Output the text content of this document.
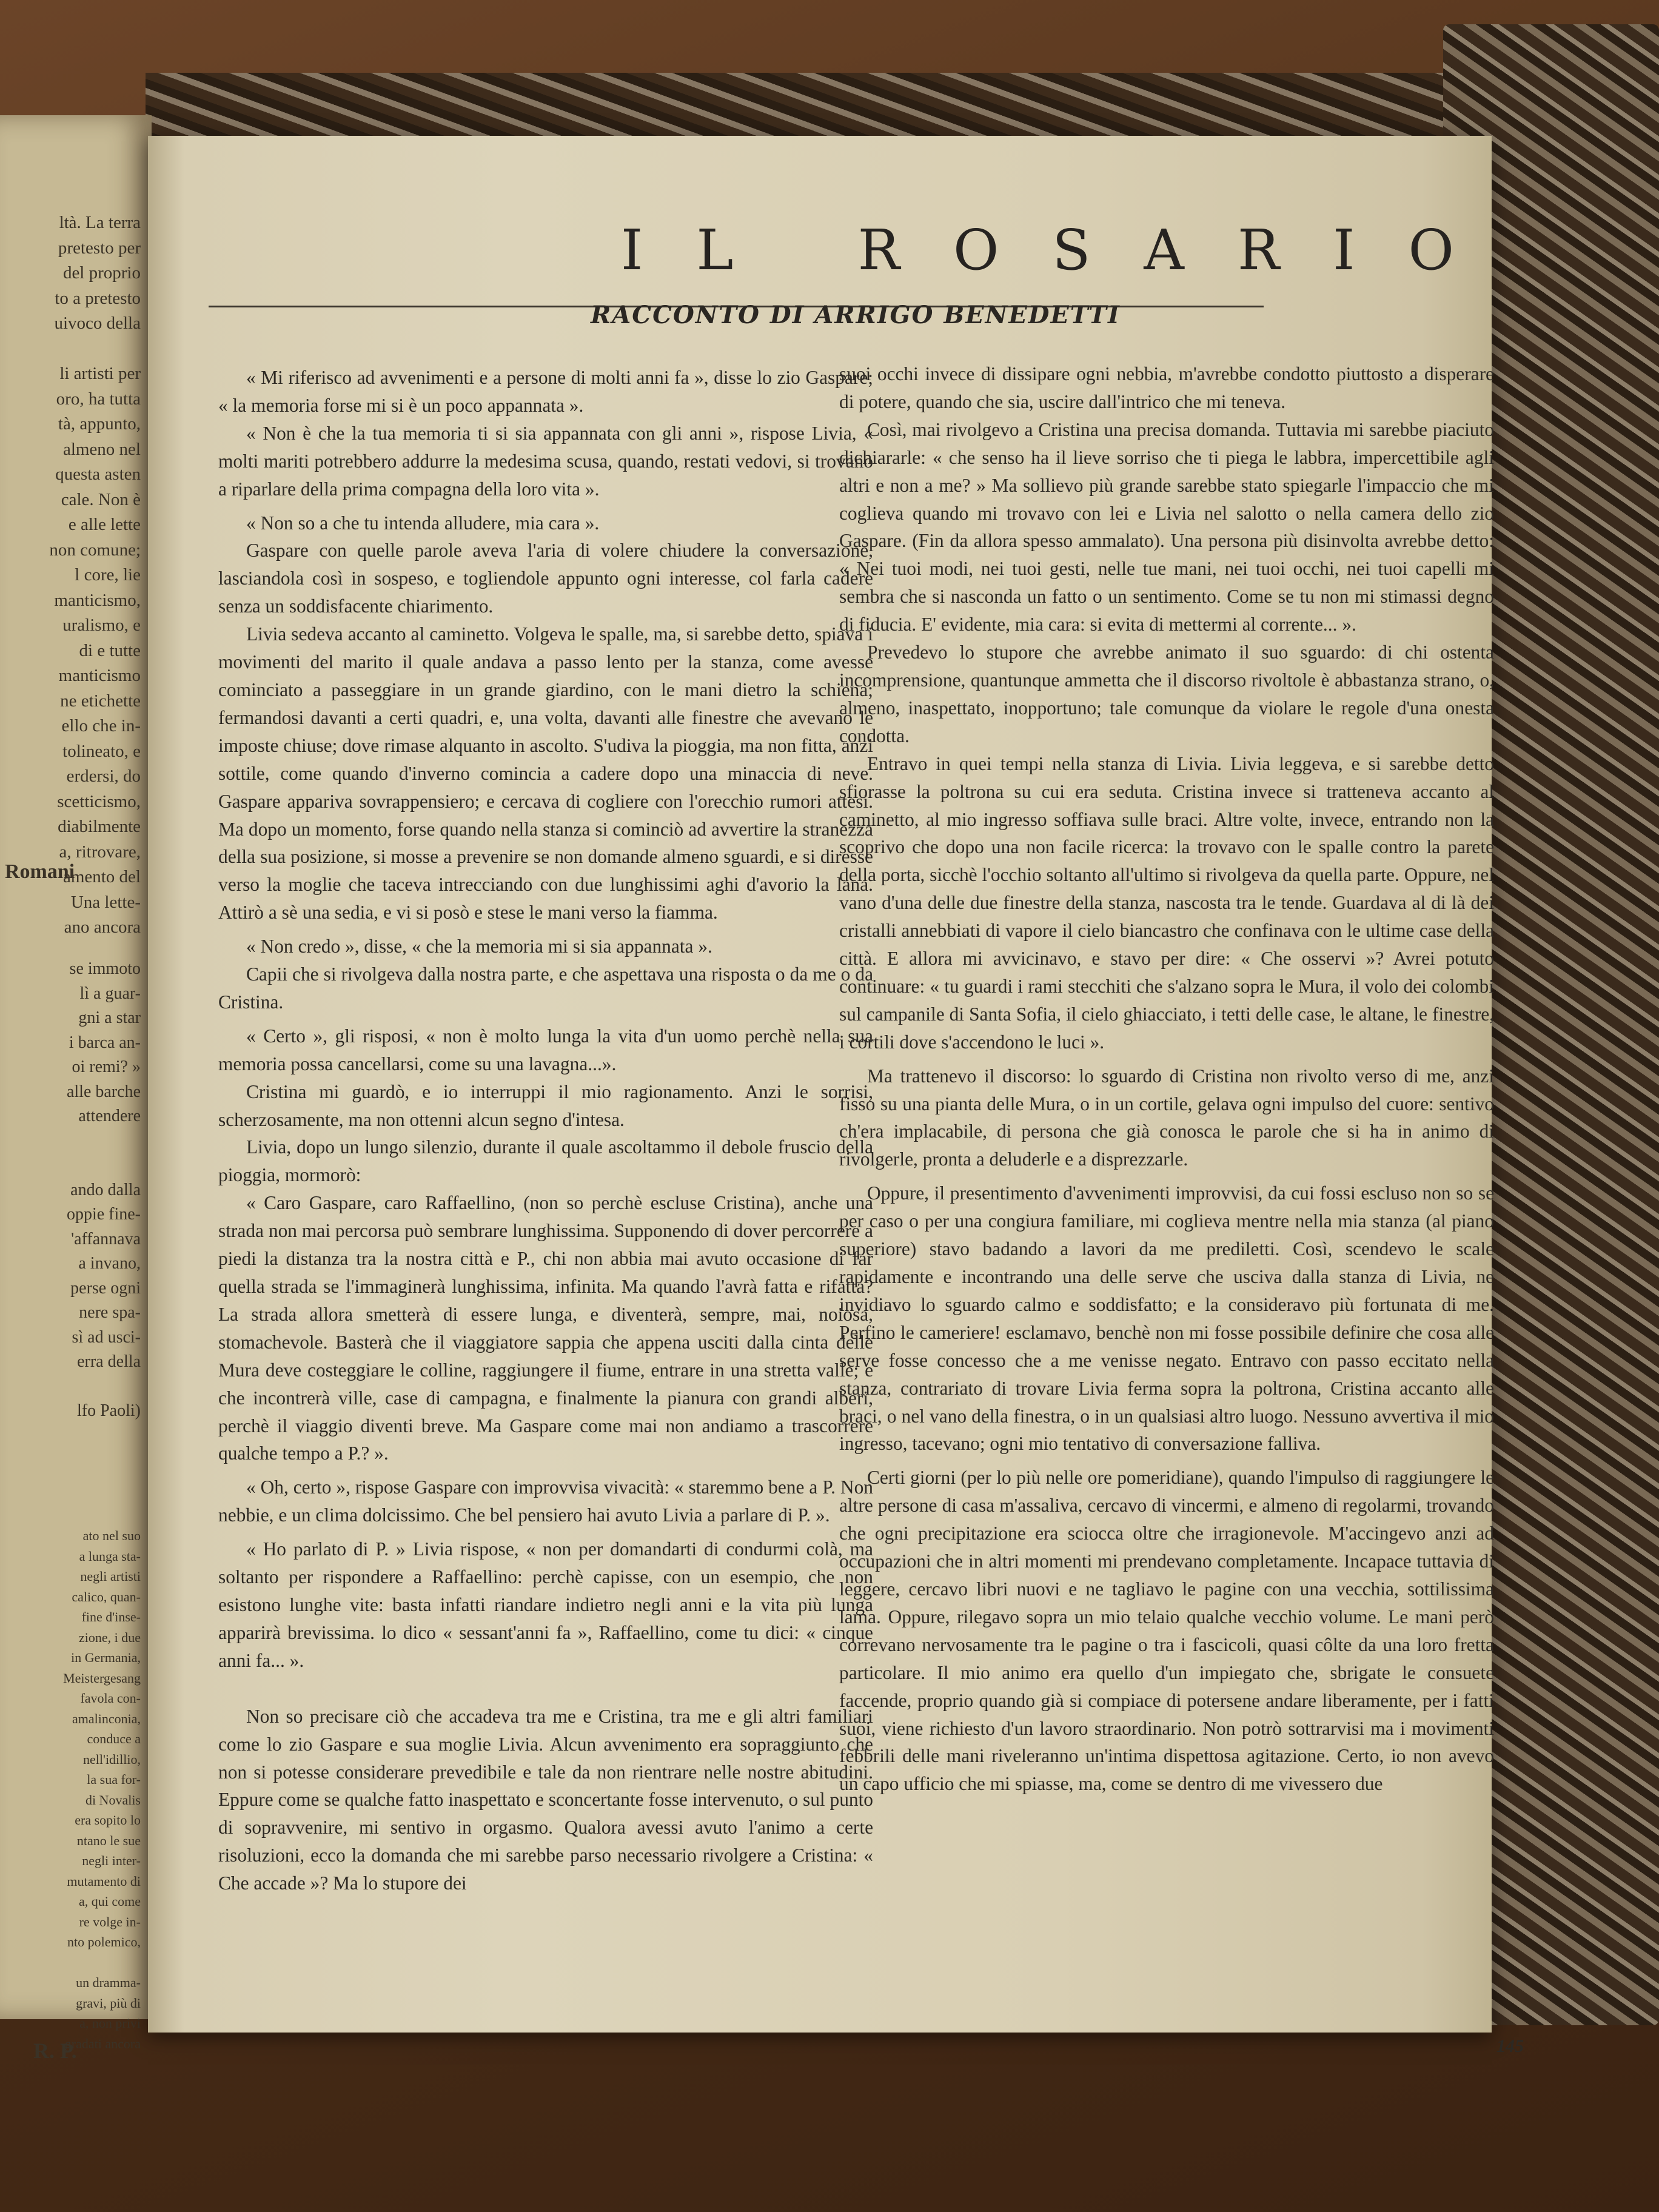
ltà. La terra
pretesto per
del proprio
to a pretesto
uivoco della
li artisti per
oro, ha tutta
tà, appunto,
almeno nel
questa asten
cale. Non è
e alle lette
non comune;
l core, lie
manticismo,
uralismo, e
di e tutte
manticismo
ne etichette
ello che in-
tolineato, e
erdersi, do
scetticismo,
diabilmente
a, ritrovare,
amento del
Una lette-
ano ancora
Romani
se immoto
lì a guar-
gni a star
i barca an-
oi remi? »
alle barche
attendere
ando dalla
oppie fine-
'affannava
a invano,
perse ogni
nere spa-
sì ad usci-
erra della
lfo Paoli)
ato nel suo
a lunga sta-
negli artisti
calico, quan-
fine d'inse-
zione, i due
in Germania,
Meistergesang
favola con-
amalinconia,
conduce a
nell'idillio,
la sua for-
di Novalis
era sopito lo
ntano le sue
negli inter-
mutamento di
a, qui come
re volge in-
nto polemico,
un dramma-
gravi, più di
a, non privi
gradati ancora
R. P.
IL ROSARIO
RACCONTO DI ARRIGO BENEDETTI

« Mi riferisco ad avvenimenti e a persone di molti anni fa », disse lo zio Gaspare; « la memoria forse mi si è un poco appannata ».

« Non è che la tua memoria ti si sia appannata con gli anni », rispose Livia, « molti mariti potrebbero addurre la medesima scusa, quando, restati vedovi, si trovano a riparlare della prima compagna della loro vita ».

« Non so a che tu intenda alludere, mia cara ».

Gaspare con quelle parole aveva l'aria di volere chiudere la conversazione, lasciandola così in sospeso, e togliendole appunto ogni interesse, col farla cadere senza un soddisfacente chiarimento.

Livia sedeva accanto al caminetto. Volgeva le spalle, ma, si sarebbe detto, spiava i movimenti del marito il quale andava a passo lento per la stanza, come avesse cominciato a passeggiare in un grande giardino, con le mani dietro la schiena; fermandosi davanti a certi quadri, e, una volta, davanti alle finestre che avevano le imposte chiuse; dove rimase alquanto in ascolto. S'udiva la pioggia, ma non fitta, anzi sottile, come quando d'inverno comincia a cadere dopo una minaccia di neve. Gaspare appariva sovrappensiero; e cercava di cogliere con l'orecchio rumori attesi. Ma dopo un momento, forse quando nella stanza si cominciò ad avvertire la stranezza della sua posizione, si mosse a prevenire se non domande almeno sguardi, e si diresse verso la moglie che taceva intrecciando con due lunghissimi aghi d'avorio la lana. Attirò a sè una sedia, e vi si posò e stese le mani verso la fiamma.

« Non credo », disse, « che la memoria mi si sia appannata ».

Capii che si rivolgeva dalla nostra parte, e che aspettava una risposta o da me o da Cristina.

« Certo », gli risposi, « non è molto lunga la vita d'un uomo perchè nella sua memoria possa cancellarsi, come su una lavagna...».

Cristina mi guardò, e io interruppi il mio ragionamento. Anzi le sorrisi, scherzosamente, ma non ottenni alcun segno d'intesa.

Livia, dopo un lungo silenzio, durante il quale ascoltammo il debole fruscio della pioggia, mormorò:

« Caro Gaspare, caro Raffaellino, (non so perchè escluse Cristina), anche una strada non mai percorsa può sembrare lunghissima. Supponendo di dover percorrere a piedi la distanza tra la nostra città e P., chi non abbia mai avuto occasione di far quella strada se l'immaginerà lunghissima, infinita. Ma quando l'avrà fatta e rifatta? La strada allora smetterà di essere lunga, e diventerà, sempre, mai, noiosa, stomachevole. Basterà che il viaggiatore sappia che appena usciti dalla cinta delle Mura deve costeggiare le colline, raggiungere il fiume, entrare in una stretta valle; e che incontrerà ville, case di campagna, e finalmente la pianura con grandi alberi, perchè il viaggio diventi breve. Ma Gaspare come mai non andiamo a trascorrere qualche tempo a P.? ».

« Oh, certo », rispose Gaspare con improvvisa vivacità: « staremmo bene a P. Non nebbie, e un clima dolcissimo. Che bel pensiero hai avuto Livia a parlare di P. ».

« Ho parlato di P. » Livia rispose, « non per domandarti di condurmi colà, ma soltanto per rispondere a Raffaellino: perchè capisse, con un esempio, che non esistono lunghe vite: basta infatti riandare indietro negli anni e la vita più lunga apparirà brevissima. lo dico « sessant'anni fa », Raffaellino, come tu dici: « cinque anni fa... ».

Non so precisare ciò che accadeva tra me e Cristina, tra me e gli altri familiari come lo zio Gaspare e sua moglie Livia. Alcun avvenimento era sopraggiunto che non si potesse considerare prevedibile e tale da non rientrare nelle nostre abitudini. Eppure come se qualche fatto inaspettato e sconcertante fosse intervenuto, o sul punto di sopravvenire, mi sentivo in orgasmo. Qualora avessi avuto l'animo a certe risoluzioni, ecco la domanda che mi sarebbe parso necessario rivolgere a Cristina: « Che accade »? Ma lo stupore dei

suoi occhi invece di dissipare ogni nebbia, m'avrebbe condotto piuttosto a disperare di potere, quando che sia, uscire dall'intrico che mi teneva.

Così, mai rivolgevo a Cristina una precisa domanda. Tuttavia mi sarebbe piaciuto dichiararle: « che senso ha il lieve sorriso che ti piega le labbra, impercettibile agli altri e non a me? » Ma sollievo più grande sarebbe stato spiegarle l'impaccio che mi coglieva quando mi trovavo con lei e Livia nel salotto o nella camera dello zio Gaspare. (Fin da allora spesso ammalato). Una persona più disinvolta avrebbe detto: « Nei tuoi modi, nei tuoi gesti, nelle tue mani, nei tuoi occhi, nei tuoi capelli mi sembra che si nasconda un fatto o un sentimento. Come se tu non mi stimassi degno di fiducia. E' evidente, mia cara: si evita di mettermi al corrente... ».

Prevedevo lo stupore che avrebbe animato il suo sguardo: di chi ostenta incomprensione, quantunque ammetta che il discorso rivoltole è abbastanza strano, o, almeno, inaspettato, inopportuno; tale comunque da violare le regole d'una onesta condotta.

Entravo in quei tempi nella stanza di Livia. Livia leggeva, e si sarebbe detto sfiorasse la poltrona su cui era seduta. Cristina invece si tratteneva accanto al caminetto, al mio ingresso soffiava sulle braci. Altre volte, invece, entrando non la scoprivo che dopo una non facile ricerca: la trovavo con le spalle contro la parete della porta, sicchè l'occhio soltanto all'ultimo si rivolgeva da quella parte. Oppure, nel vano d'una delle due finestre della stanza, nascosta tra le tende. Guardava al di là dei cristalli annebbiati di vapore il cielo biancastro che confinava con le ultime case della città. E allora mi avvicinavo, e stavo per dire: « Che osservi »? Avrei potuto continuare: « tu guardi i rami stecchiti che s'alzano sopra le Mura, il volo dei colombi sul campanile di Santa Sofia, il cielo ghiacciato, i tetti delle case, le altane, le finestre, i cortili dove s'accendono le luci ».

Ma trattenevo il discorso: lo sguardo di Cristina non rivolto verso di me, anzi fisso su una pianta delle Mura, o in un cortile, gelava ogni impulso del cuore: sentivo ch'era implacabile, di persona che già conosca le parole che si ha in animo di rivolgerle, pronta a deluderle e a disprezzarle.

Oppure, il presentimento d'avvenimenti improvvisi, da cui fossi escluso non so se per caso o per una congiura familiare, mi coglieva mentre nella mia stanza (al piano superiore) stavo badando a lavori da me prediletti. Così, scendevo le scale rapidamente e incontrando una delle serve che usciva dalla stanza di Livia, ne invidiavo lo sguardo calmo e soddisfatto; e la consideravo più fortunata di me. Perfino le cameriere! esclamavo, benchè non mi fosse possibile definire che cosa alle serve fosse concesso che a me venisse negato. Entravo con passo eccitato nella stanza, contrariato di trovare Livia ferma sopra la poltrona, Cristina accanto alle braci, o nel vano della finestra, o in un qualsiasi altro luogo. Nessuno avvertiva il mio ingresso, tacevano; ogni mio tentativo di conversazione falliva.

Certi giorni (per lo più nelle ore pomeridiane), quando l'impulso di raggiungere le altre persone di casa m'assaliva, cercavo di vincermi, e almeno di regolarmi, trovando che ogni precipitazione era sciocca oltre che irragionevole. M'accingevo anzi ad occupazioni che in altri momenti mi prendevano completamente. Incapace tuttavia di leggere, cercavo libri nuovi e ne tagliavo le pagine con una vecchia, sottilissima lama. Oppure, rilegavo sopra un mio telaio qualche vecchio volume. Le mani però correvano nervosamente tra le pagine o tra i fascicoli, quasi côlte da una loro fretta particolare. Il mio animo era quello d'un impiegato che, sbrigate le consuete faccende, proprio quando già si compiace di potersene andare liberamente, per i fatti suoi, viene richiesto d'un lavoro straordinario. Non potrò sottrarvisi ma i movimenti febbrili delle mani riveleranno un'intima dispettosa agitazione. Certo, io non avevo un capo ufficio che mi spiasse, ma, come se dentro di me vivessero due

145
